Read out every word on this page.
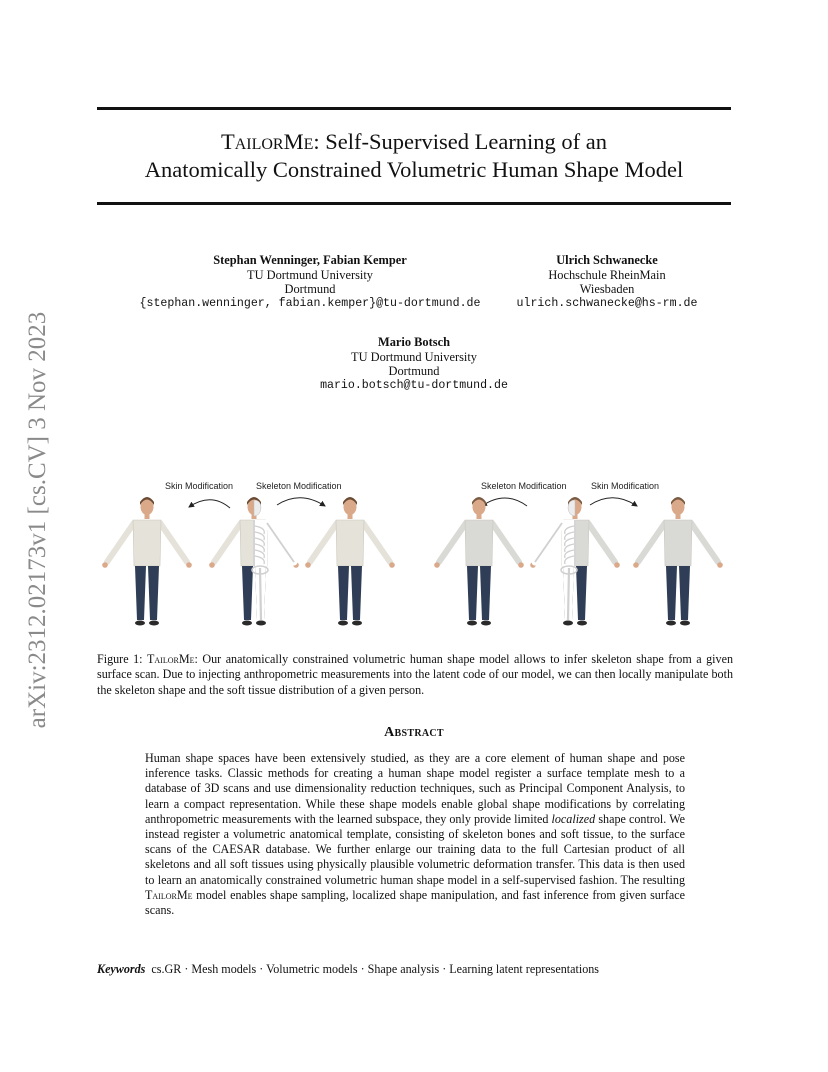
TailorMe: Self-Supervised Learning of an
Anatomically Constrained Volumetric Human Shape Model
arXiv:2312.02173v1 [cs.CV] 3 Nov 2023
Stephan Wenninger, Fabian Kemper
TU Dortmund University
Dortmund
{stephan.wenninger, fabian.kemper}@tu-dortmund.de
Ulrich Schwanecke
Hochschule RheinMain
Wiesbaden
ulrich.schwanecke@hs-rm.de
Mario Botsch
TU Dortmund University
Dortmund
mario.botsch@tu-dortmund.de
Skin Modification	Skeleton Modification	Skeleton Modification	Skin Modification
Figure 1: TailorMe: Our anatomically constrained volumetric human shape model allows to infer skeleton shape from a given surface scan. Due to injecting anthropometric measurements into the latent code of our model, we can then locally manipulate both the skeleton shape and the soft tissue distribution of a given person.
Abstract
Human shape spaces have been extensively studied, as they are a core element of human shape and pose inference tasks. Classic methods for creating a human shape model register a surface template mesh to a database of 3D scans and use dimensionality reduction techniques, such as Principal Component Analysis, to learn a compact representation. While these shape models enable global shape modifications by correlating anthropometric measurements with the learned subspace, they only provide limited localized shape control. We instead register a volumetric anatomical template, consisting of skeleton bones and soft tissue, to the surface scans of the CAESAR database. We further enlarge our training data to the full Cartesian product of all skeletons and all soft tissues using physically plausible volumetric deformation transfer. This data is then used to learn an anatomically constrained volumetric human shape model in a self-supervised fashion. The resulting TailorMe model enables shape sampling, localized shape manipulation, and fast inference from given surface scans.
Keywords cs.GR · Mesh models · Volumetric models · Shape analysis · Learning latent representations
